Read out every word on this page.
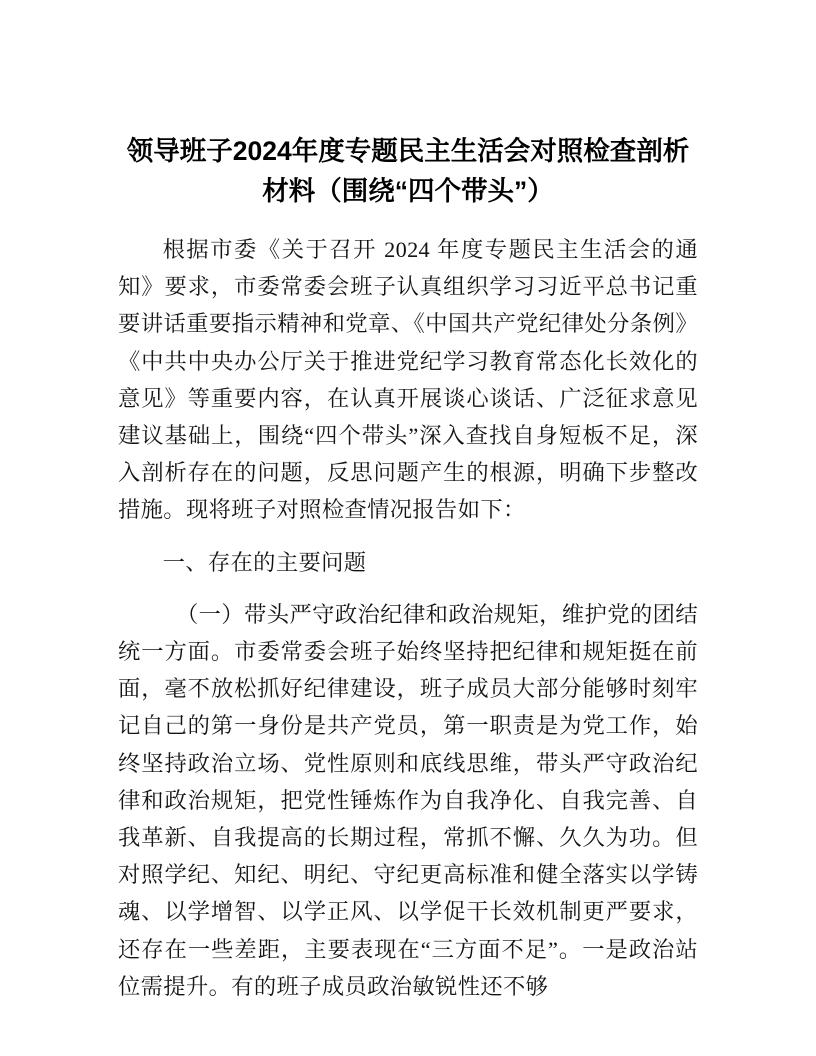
领导班子2024年度专题民主生活会对照检查剖析材料（围绕“四个带头”）

根据市委《关于召开 2024 年度专题民主生活会的通知》要求，市委常委会班子认真组织学习习近平总书记重要讲话重要指示精神和党章、《中国共产党纪律处分条例》《中共中央办公厅关于推进党纪学习教育常态化长效化的意见》等重要内容，在认真开展谈心谈话、广泛征求意见建议基础上，围绕“四个带头”深入查找自身短板不足，深入剖析存在的问题，反思问题产生的根源，明确下步整改措施。现将班子对照检查情况报告如下：

一、存在的主要问题

（一）带头严守政治纪律和政治规矩，维护党的团结统一方面。市委常委会班子始终坚持把纪律和规矩挺在前面，毫不放松抓好纪律建设，班子成员大部分能够时刻牢记自己的第一身份是共产党员，第一职责是为党工作，始终坚持政治立场、党性原则和底线思维，带头严守政治纪律和政治规矩，把党性锤炼作为自我净化、自我完善、自我革新、自我提高的长期过程，常抓不懈、久久为功。但对照学纪、知纪、明纪、守纪更高标准和健全落实以学铸魂、以学增智、以学正风、以学促干长效机制更严要求，还存在一些差距，主要表现在“三方面不足”。一是政治站位需提升。有的班子成员政治敏锐性还不够
